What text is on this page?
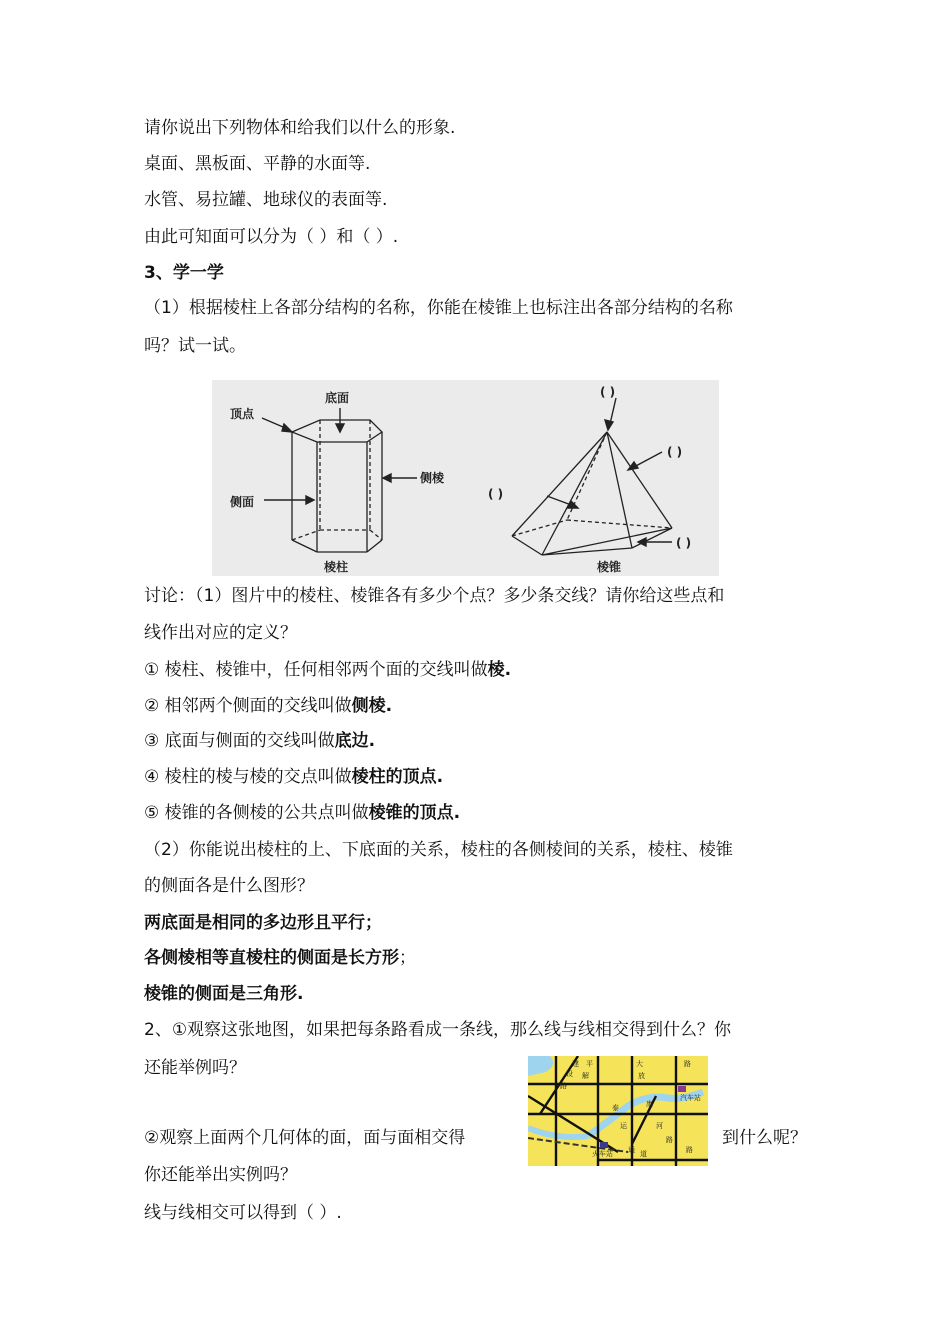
请你说出下列物体和给我们以什么的形象.
桌面、黑板面、平静的水面等.
水管、易拉罐、地球仪的表面等.
由此可知面可以分为（ ）和（ ）.
3、学一学
（1）根据棱柱上各部分结构的名称，你能在棱锥上也标注出各部分结构的名称
吗？试一试。
底面
顶点
侧面
侧棱
棱柱	棱锥
( )
( )
( )
( )
讨论：（1）图片中的棱柱、棱锥各有多少个点？多少条交线？请你给这些点和
线作出对应的定义？
① 棱柱、棱锥中，任何相邻两个面的交线叫做棱.
② 相邻两个侧面的交线叫做侧棱.
③ 底面与侧面的交线叫做底边.
④ 棱柱的棱与棱的交点叫做棱柱的顶点.
⑤ 棱锥的各侧棱的公共点叫做棱锥的顶点.
（2）你能说出棱柱的上、下底面的关系，棱柱的各侧棱间的关系，棱柱、棱锥
的侧面各是什么图形？
两底面是相同的多边形且平行；
各侧棱相等直棱柱的侧面是长方形；
棱锥的侧面是三角形.
2、①观察这张地图，如果把每条路看成一条线，那么线与线相交得到什么？你
还能举例吗？
②观察上面两个几何体的面，面与面相交得	到什么呢？
你还能举出实例吗？
线与线相交可以得到（ ）.
建
设
路
平
解	放
路
大
汽车站
康
泰
运	河
路
火车站 通 道	路
